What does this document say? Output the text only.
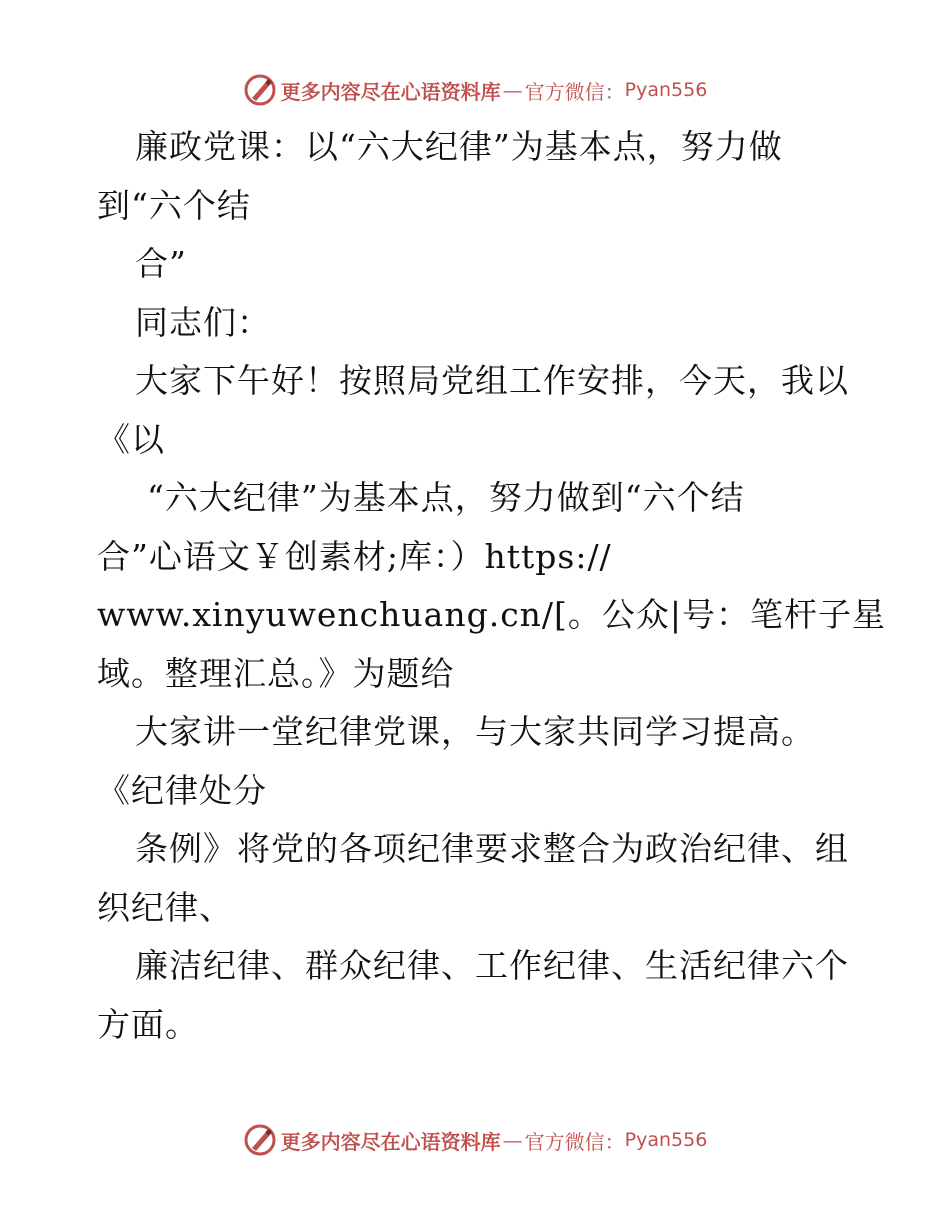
更多内容尽在心语资料库 — 官方微信： Pyan556

廉政党课：以“六大纪律”为基本点，努力做

到“六个结

合”

同志们：

大家下午好！按照局党组工作安排，今天，我以

《以

“六大纪律”为基本点，努力做到“六个结

合”心语文￥创素材;库：）https://

www.xinyuwenchuang.cn/[。公众|号：笔杆子星

域。整理汇总。》为题给

大家讲一堂纪律党课，与大家共同学习提高。

《纪律处分

条例》将党的各项纪律要求整合为政治纪律、组

织纪律、

廉洁纪律、群众纪律、工作纪律、生活纪律六个

方面。

更多内容尽在心语资料库 — 官方微信： Pyan556
